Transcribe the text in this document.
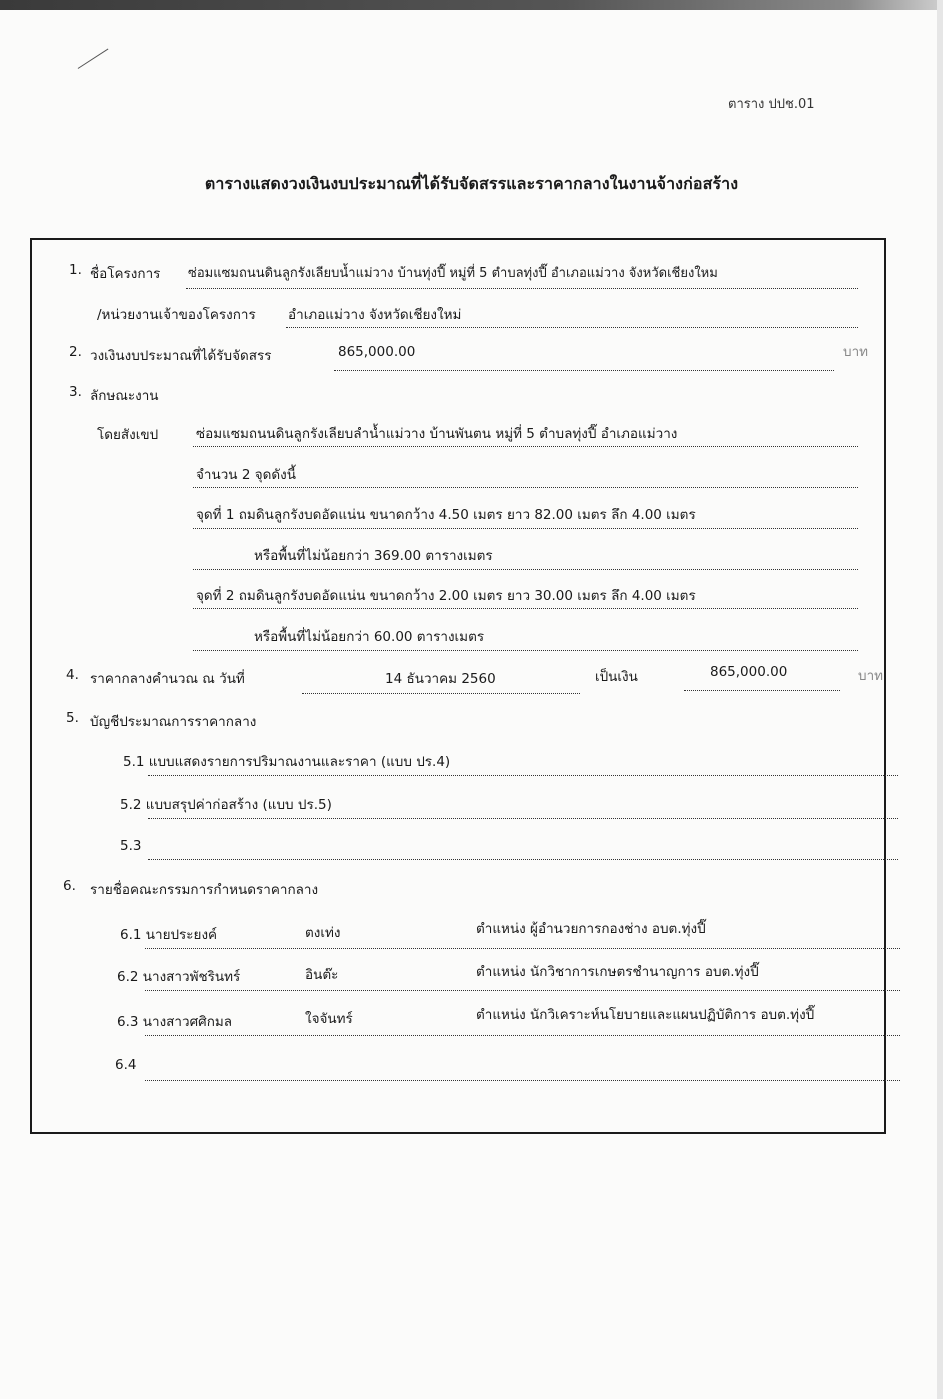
ตาราง ปปช.01
ตารางแสดงวงเงินงบประมาณที่ได้รับจัดสรรและราคากลางในงานจ้างก่อสร้าง
1. ชื่อโครงการ ซ่อมแซมถนนดินลูกรังเลียบน้ำแม่วาง บ้านทุ่งปี๊ หมู่ที่ 5 ตำบลทุ่งปี๊ อำเภอแม่วาง จังหวัดเชียงใหม
/หน่วยงานเจ้าของโครงการ อำเภอแม่วาง จังหวัดเชียงใหม่
2. วงเงินงบประมาณที่ได้รับจัดสรร	865,000.00	บาท
3. ลักษณะงาน
โดยสังเขป	ซ่อมแซมถนนดินลูกรังเลียบลำน้ำแม่วาง บ้านพันตน หมู่ที่ 5 ตำบลทุ่งปี๊ อำเภอแม่วาง
จำนวน 2 จุดดังนี้
จุดที่ 1 ถมดินลูกรังบดอัดแน่น ขนาดกว้าง 4.50 เมตร ยาว 82.00 เมตร ลึก 4.00 เมตร
หรือพื้นที่ไม่น้อยกว่า 369.00 ตารางเมตร
จุดที่ 2 ถมดินลูกรังบดอัดแน่น ขนาดกว้าง 2.00 เมตร ยาว 30.00 เมตร ลึก 4.00 เมตร
หรือพื้นที่ไม่น้อยกว่า 60.00 ตารางเมตร
4. ราคากลางคำนวณ ณ วันที่	14 ธันวาคม 2560	เป็นเงิน	865,000.00	บาท
5. บัญชีประมาณการราคากลาง
5.1 แบบแสดงรายการปริมาณงานและราคา (แบบ ปร.4)
5.2 แบบสรุปค่าก่อสร้าง (แบบ ปร.5)
5.3
6. รายชื่อคณะกรรมการกำหนดราคากลาง
6.1 นายประยงค์	ตงเท่ง	ตำแหน่ง ผู้อำนวยการกองช่าง อบต.ทุ่งปี๊
6.2 นางสาวพัชรินทร์	อินต๊ะ	ตำแหน่ง นักวิชาการเกษตรชำนาญการ อบต.ทุ่งปี๊
6.3 นางสาวศศิกมล	ใจจันทร์	ตำแหน่ง นักวิเคราะห์นโยบายและแผนปฏิบัติการ อบต.ทุ่งปี๊
6.4
